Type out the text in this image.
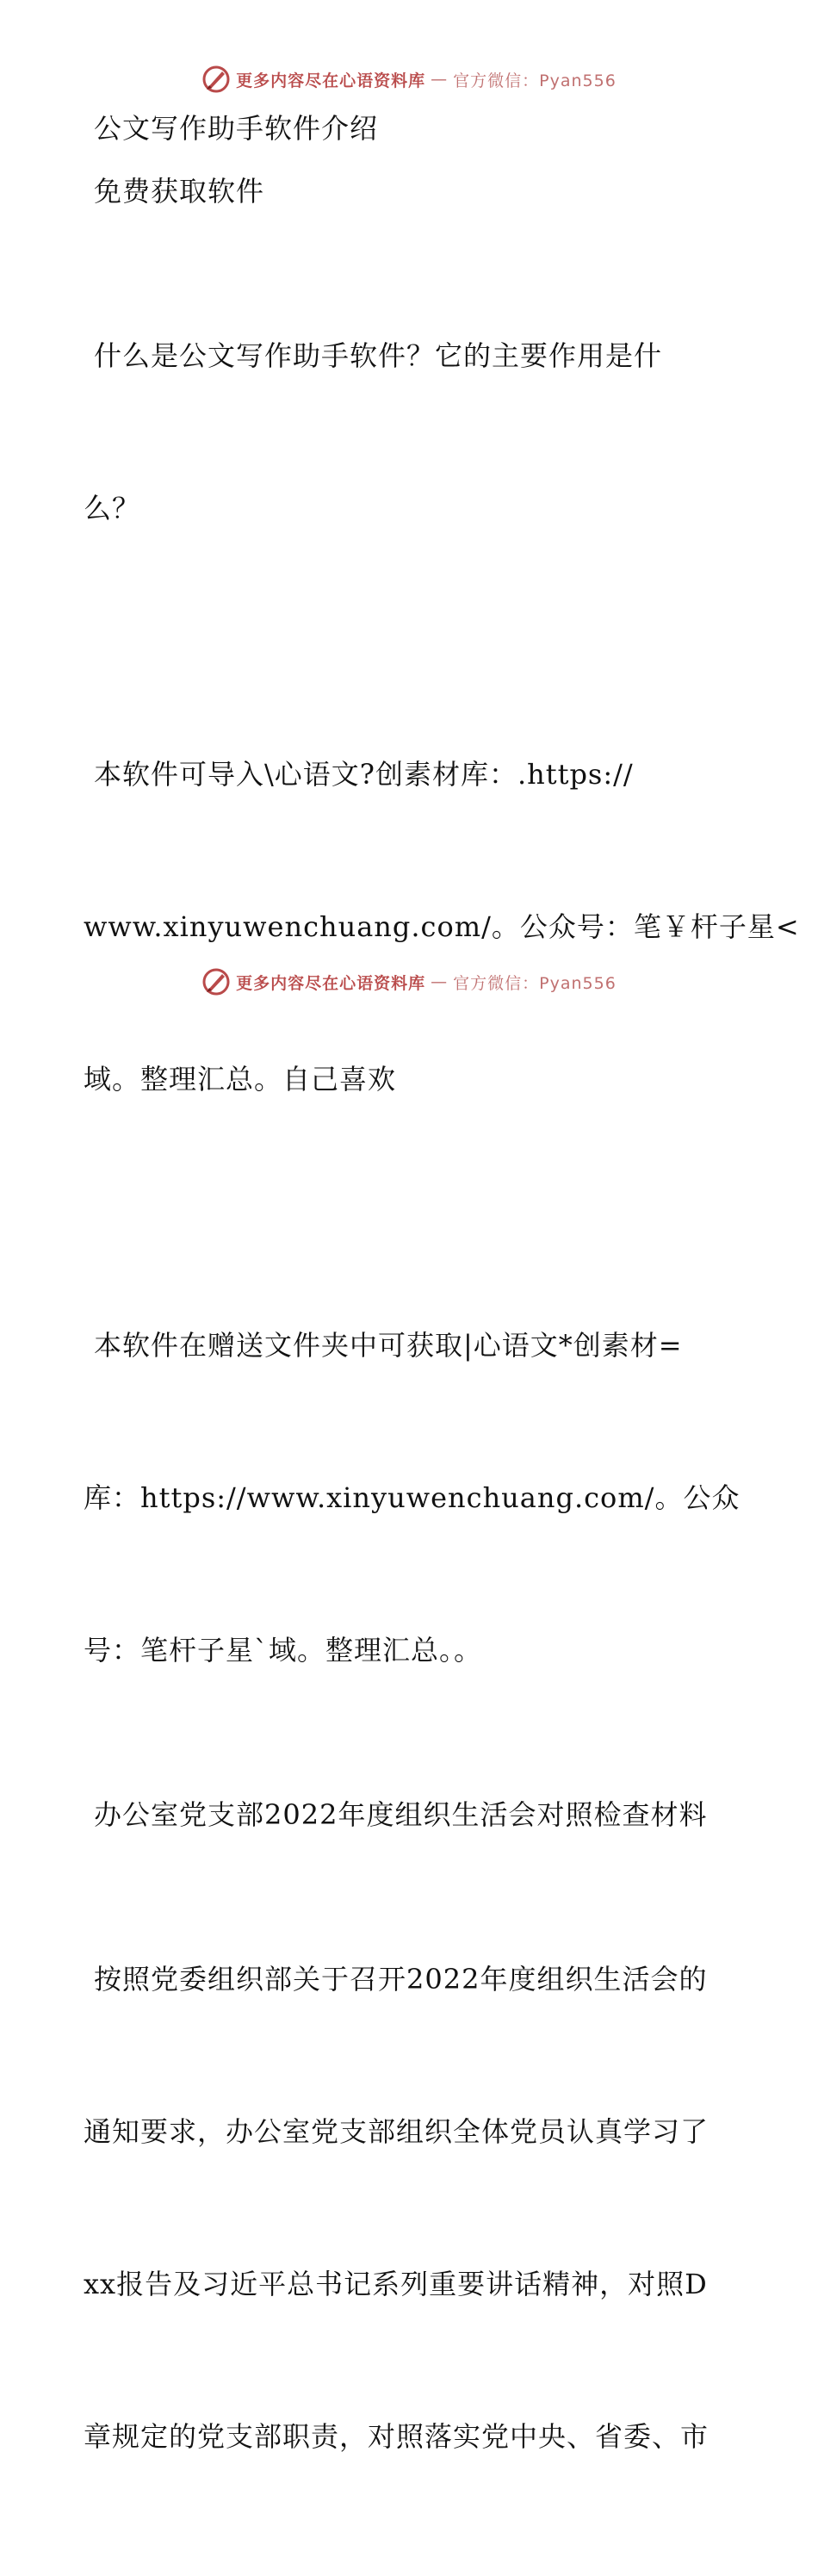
更多内容尽在心语资料库 — 官方微信：Pyan556
公文写作助手软件介绍
免费获取软件

什么是公文写作助手软件？它的主要作用是什

么？

本软件可导入\心语文?创素材库：.https://

www.xinyuwenchuang.com/。公众号：笔￥杆子星<

域。整理汇总。自己喜欢

本软件在赠送文件夹中可获取|心语文*创素材=

库：https://www.xinyuwenchuang.com/。公众

号：笔杆子星`域。整理汇总。。

办公室党支部2022年度组织生活会对照检查材料

按照党委组织部关于召开2022年度组织生活会的

通知要求，办公室党支部组织全体党员认真学习了

xx报告及习近平总书记系列重要讲话精神，对照D

章规定的党支部职责，对照落实党中央、省委、市

更多内容尽在心语资料库 — 官方微信：Pyan556
